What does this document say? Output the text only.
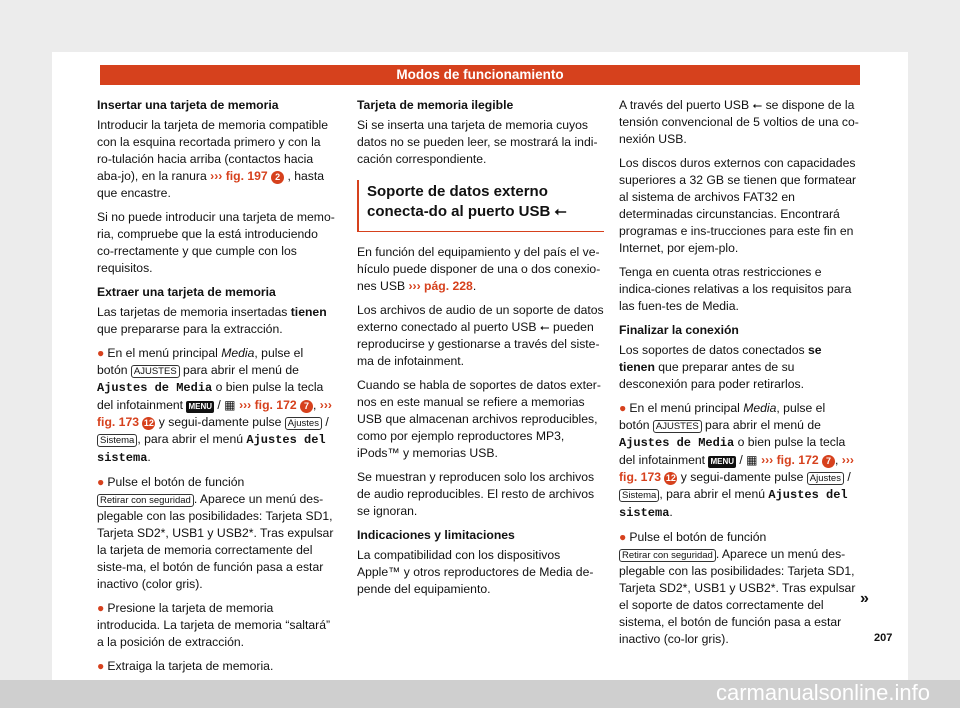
Modos de funcionamiento

Insertar una tarjeta de memoria

Introducir la tarjeta de memoria compatible con la esquina recortada primero y con la ro-tulación hacia arriba (contactos hacia aba-jo), en la ranura ››› fig. 197 2 , hasta que encastre.

Si no puede introducir una tarjeta de memo-ria, compruebe que la está introduciendo co-rrectamente y que cumple con los requisitos.

Extraer una tarjeta de memoria

Las tarjetas de memoria insertadas tienen que prepararse para la extracción.

● En el menú principal Media, pulse el botón AJUSTES para abrir el menú de Ajustes de Media o bien pulse la tecla del infotainment MENU / ▦ ››› fig. 172 7 , ››› fig. 173 12 y segui-damente pulse Ajustes / Sistema , para abrir el menú Ajustes del sistema.

● Pulse el botón de función Retirar con seguridad . Aparece un menú des-plegable con las posibilidades: Tarjeta SD1, Tarjeta SD2*, USB1 y USB2*. Tras expulsar la tarjeta de memoria correctamente del siste-ma, el botón de función pasa a estar inactivo (color gris).

● Presione la tarjeta de memoria introducida. La tarjeta de memoria “saltará” a la posición de extracción.

● Extraiga la tarjeta de memoria.

Tarjeta de memoria ilegible

Si se inserta una tarjeta de memoria cuyos datos no se pueden leer, se mostrará la indi-cación correspondiente.

Soporte de datos externo conecta-do al puerto USB ⭠

En función del equipamiento y del país el ve-hículo puede disponer de una o dos conexio-nes USB ››› pág. 228.

Los archivos de audio de un soporte de datos externo conectado al puerto USB ⭠ pueden reproducirse y gestionarse a través del siste-ma de infotainment.

Cuando se habla de soportes de datos exter-nos en este manual se refiere a memorias USB que almacenan archivos reproducibles, como por ejemplo reproductores MP3, iPods™ y memorias USB.

Se muestran y reproducen solo los archivos de audio reproducibles. El resto de archivos se ignoran.

Indicaciones y limitaciones

La compatibilidad con los dispositivos Apple™ y otros reproductores de Media de-pende del equipamiento.

A través del puerto USB ⭠ se dispone de la tensión convencional de 5 voltios de una co-nexión USB.

Los discos duros externos con capacidades superiores a 32 GB se tienen que formatear al sistema de archivos FAT32 en determinadas circunstancias. Encontrará programas e ins-trucciones para este fin en Internet, por ejem-plo.

Tenga en cuenta otras restricciones e indica-ciones relativas a los requisitos para las fuen-tes de Media.

Finalizar la conexión

Los soportes de datos conectados se tienen que preparar antes de su desconexión para poder retirarlos.

● En el menú principal Media, pulse el botón AJUSTES para abrir el menú de Ajustes de Media o bien pulse la tecla del infotainment MENU / ▦ ››› fig. 172 7 , ››› fig. 173 12 y segui-damente pulse Ajustes / Sistema , para abrir el menú Ajustes del sistema.

● Pulse el botón de función Retirar con seguridad . Aparece un menú des-plegable con las posibilidades: Tarjeta SD1, Tarjeta SD2*, USB1 y USB2*. Tras expulsar el soporte de datos correctamente del sistema, el botón de función pasa a estar inactivo (co-lor gris).

»
207
carmanualsonline.info
